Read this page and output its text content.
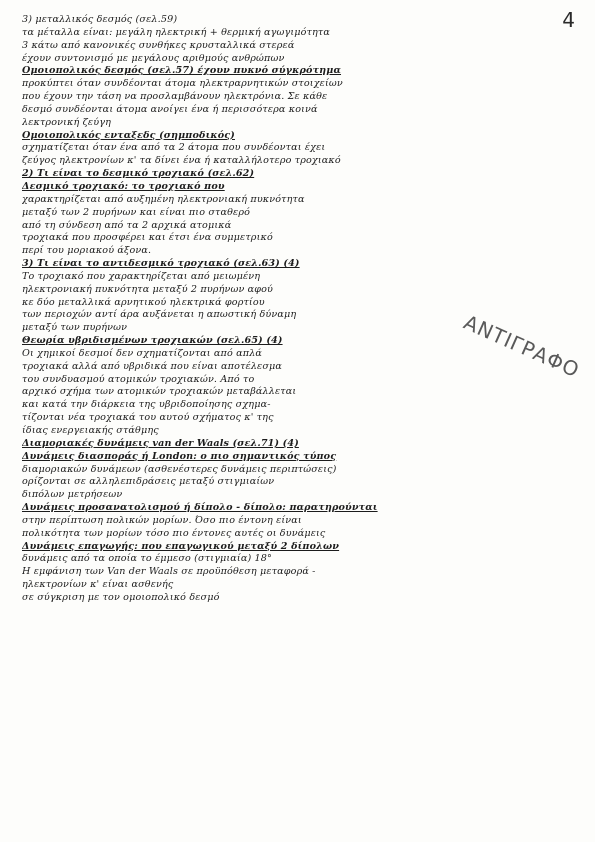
4
3) μεταλλικός δεσμός (σελ.59)
τα μέταλλα είναι: μεγάλη ηλεκτρική + θερμική αγωγιμότητα
3 κάτω από κανονικές συνθήκες κρυσταλλικά στερεά
έχουν συντονισμό με μεγάλους αριθμούς ανθρώπων
Ομοιοπολικός δεσμός (σελ.57) έχουν πυκνό σύγκρότημα
προκύπτει όταν συνδέονται άτομα ηλεκτραρνητικών στοιχείων
που έχουν την τάση να προσλαμβάνουν ηλεκτρόνια. Σε κάθε
δεσμό συνδέονται άτομα ανοίγει ένα ή περισσότερα κοινά
λεκτρονική ζεύγη
Ομοιοπολικός ενταξεδς (σημποδικός)
σχηματίζεται όταν ένα από τα 2 άτομα που συνδέονται έχει
ζεύγος ηλεκτρονίων κ' τα δίνει ένα ή καταλλήλοτερο τροχιακό
2) Τι είναι το δεσμικό τροχιακό (σελ.62)
Δεσμικό τροχιακό: το τροχιακό που
χαρακτηρίζεται από αυξημένη ηλεκτρονιακή πυκνότητα
μεταξύ των 2 πυρήνων και είναι πιο σταθερό
από τη σύνδεση από τα 2 αρχικά ατομικά
τροχιακά που προσφέρει και έτσι ένα συμμετρικό
περί του μοριακού άξονα.
3) Τι είναι το αντιδεσμικό τροχιακό (σελ.63) (4)
Το τροχιακό που χαρακτηρίζεται από μειωμένη
ηλεκτρονιακή πυκνότητα μεταξύ 2 πυρήνων αφού
κε δύο μεταλλικά αρνητικού ηλεκτρικά φορτίου
των περιοχών αντί άρα αυξάνεται η απωστική δύναμη
μεταξύ των πυρήνων
Θεωρία υβριδισμένων τροχιακών (σελ.65) (4)
Οι χημικοί δεσμοί δεν σχηματίζονται από απλά
τροχιακά αλλά από υβριδικά που είναι αποτέλεσμα
του συνδυασμού ατομικών τροχιακών. Από το
αρχικό σχήμα των ατομικών τροχιακών μεταβάλλεται
και κατά την διάρκεια της υβριδοποίησης σχημα-
τίζονται νέα τροχιακά του αυτού σχήματος κ' της
ίδιας ενεργειακής στάθμης
Διαμοριακές δυνάμεις van der Waals (σελ.71) (4)
Δυνάμεις διασποράς ή London: ο πιο σημαντικός τύπος
διαμοριακών δυνάμεων (ασθενέστερες δυνάμεις περιπτώσεις)
ορίζονται σε αλληλεπιδράσεις μεταξύ στιγμιαίων
διπόλων μετρήσεων
Δυνάμεις προσανατολισμού ή δίπολο - δίπολο: παρατηρούνται
στην περίπτωση πολικών μορίων. Όσο πιο έντονη είναι
πολικότητα των μορίων τόσο πιο έντονες αυτές οι δυνάμεις
Δυνάμεις επαγωγής: που επαγωγικού μεταξύ 2 δίπολων
δυνάμεις από τα οποία το έμμεσο (στιγμιαία) 18°
Η εμφάνιση των Van der Waals σε προϋπόθεση μεταφορά -
ηλεκτρονίων κ' είναι ασθενής
σε σύγκριση με τον ομοιοπολικό δεσμό
ΑΝΤΙΓΡΑΦΟ
